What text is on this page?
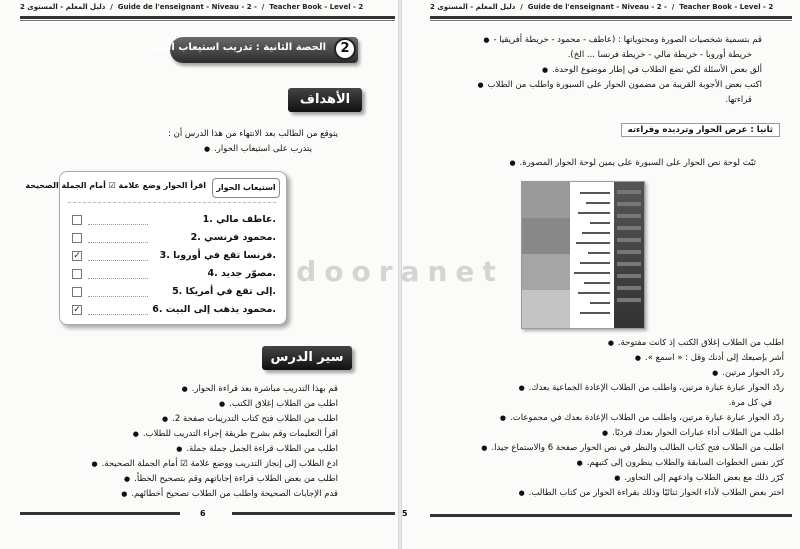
دليل المعلم - المستوى 2  /  Guide de l'enseignant - Niveau - 2 -  /  Teacher Book - Level - 2
2
الحصة الثانية : تدريب استيعاب الحوار
الأهداف
يتوقع من الطالب بعد الانتهاء من هذا الدرس أن :
يتدرب على استيعاب الحوار. ●
استيعاب الحوار
اقرأ الحوار وضع علامة ☑ أمام الجملة الصحيحة
1. عاطف مالي.
2. محمود فرنسي.
✓	3. فرنسا تقع في أوروبا.
4. مصوّر جديد.
5. إلى تقع في أمريكا.
✓	6. محمود يذهب إلى البيت.
سير الدرس
قم بهذا التدريب مباشرة بعد قراءة الحوار. ●
اطلب من الطلاب إغلاق الكتب. ●
اطلب من الطلاب فتح كتاب التدريبات صفحة 2. ●
اقرأ التعليمات وقم بشرح طريقة إجراء التدريب للطلاب. ●
اطلب من الطلاب قراءة الجمل جملة جملة. ●
ادع الطلاب إلى إنجاز التدريب ووضع علامة ☑ أمام الجملة الصحيحة. ●
اطلب من بعض الطلاب قراءة إجاباتهم وقم بتصحيح الخطأ. ●
قدم الإجابات الصحيحة واطلب من الطلاب تصحيح أخطائهم. ●
6
دليل المعلم - المستوى 2  /  Guide de l'enseignant - Niveau - 2 -  /  Teacher Book - Level - 2
قم بتسمية شخصيات الصورة ومحتوياتها : (عاطف - محمود - خريطة أفريقيا - ●
خريطة أوروبا - خريطة مالي - خريطة فرنسا ... الخ).
ألق بعض الأسئلة لكي تضع الطلاب في إطار موضوع الوحدة. ●
اكتب بعض الأجوبة القريبة من مضمون الحوار على السبورة واطلب من الطلاب ●
قراءتها.
ثانيا : عرض الحوار وترديده وقراءته
ثبّت لوحة نص الحوار على السبورة على يمين لوحة الحوار المصورة. ●
اطلب من الطلاب إغلاق الكتب إذ كانت مفتوحة. ●
أشر بإصبعك إلى أذنك وقل : « اسمع ». ●
ردّد الحوار مرتين. ●
ردّد الحوار عبارة عبارة مرتين، واطلب من الطلاب الإعادة الجماعية بعدك. ●
في كل مرة.
ردّد الحوار عبارة عبارة مرتين، واطلب من الطلاب الإعادة بعدك في مجموعات. ●
اطلب من الطلاب أداء عبارات الحوار بعدك فرديًا. ●
اطلب من الطلاب فتح كتاب الطالب والنظر في نص الحوار صفحة 6 والاستماع جيدا. ●
كرّر نفس الخطوات السابقة والطلاب ينظرون إلى كتبهم. ●
كرّر ذلك مع بعض الطلاب وادعهم إلى التحاور. ●
اختر بعض الطلاب لأداء الحوار ثنائيًا وذلك بقراءة الحوار من كتاب الطالب. ●
5
dooranet
